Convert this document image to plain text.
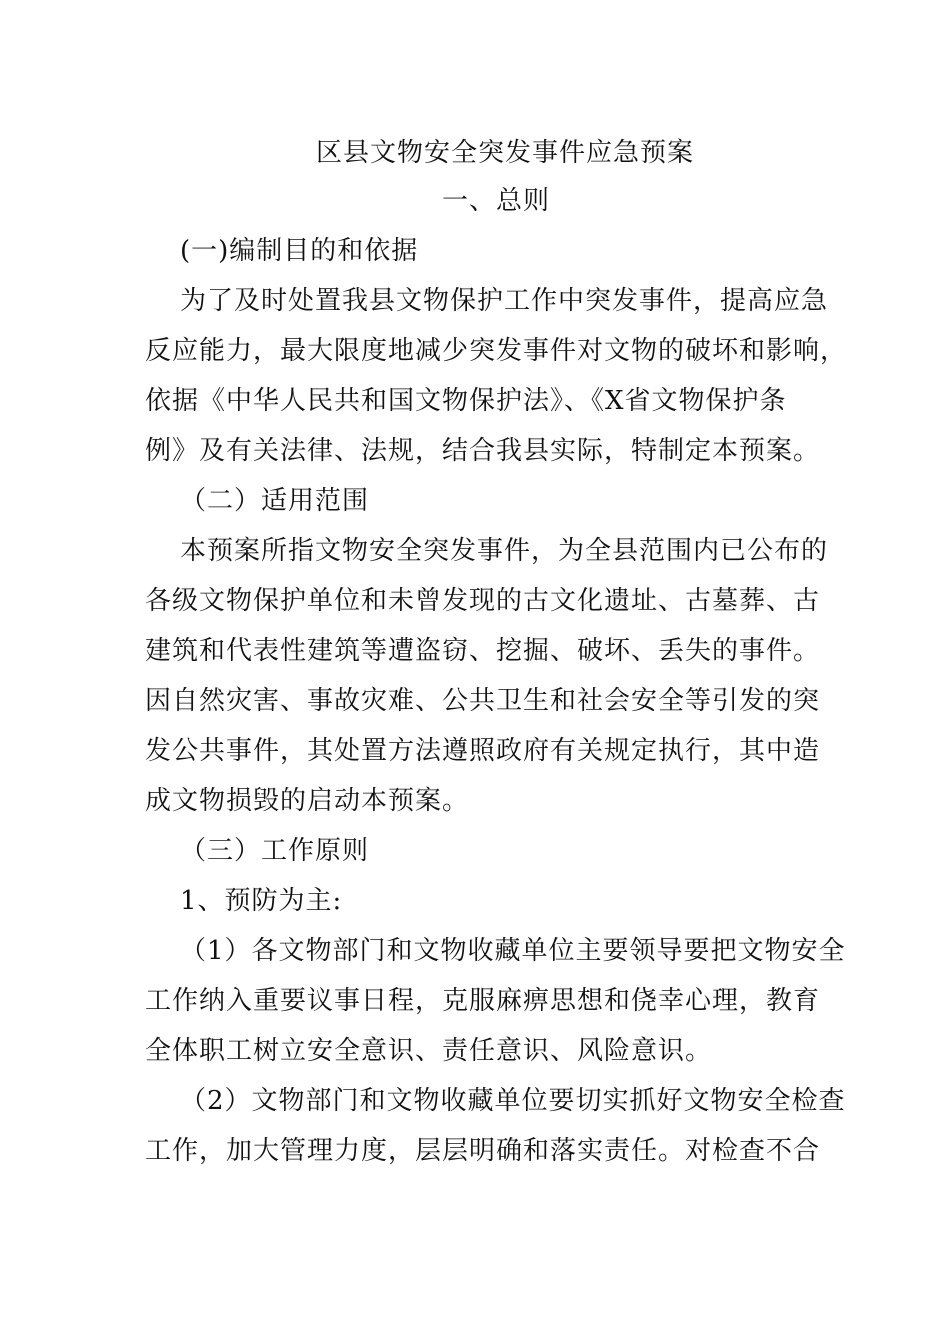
区县文物安全突发事件应急预案
一、总则
(一)编制目的和依据
为了及时处置我县文物保护工作中突发事件，提高应急
反应能力，最大限度地减少突发事件对文物的破坏和影响，
依据《中华人民共和国文物保护法》、《X省文物保护条
例》及有关法律、法规，结合我县实际，特制定本预案。
（二）适用范围
本预案所指文物安全突发事件，为全县范围内已公布的
各级文物保护单位和未曾发现的古文化遗址、古墓葬、古
建筑和代表性建筑等遭盗窃、挖掘、破坏、丢失的事件。
因自然灾害、事故灾难、公共卫生和社会安全等引发的突
发公共事件，其处置方法遵照政府有关规定执行，其中造
成文物损毁的启动本预案。
（三）工作原则
1、预防为主:
（1）各文物部门和文物收藏单位主要领导要把文物安全
工作纳入重要议事日程，克服麻痹思想和侥幸心理，教育
全体职工树立安全意识、责任意识、风险意识。
（2）文物部门和文物收藏单位要切实抓好文物安全检查
工作，加大管理力度，层层明确和落实责任。对检查不合
